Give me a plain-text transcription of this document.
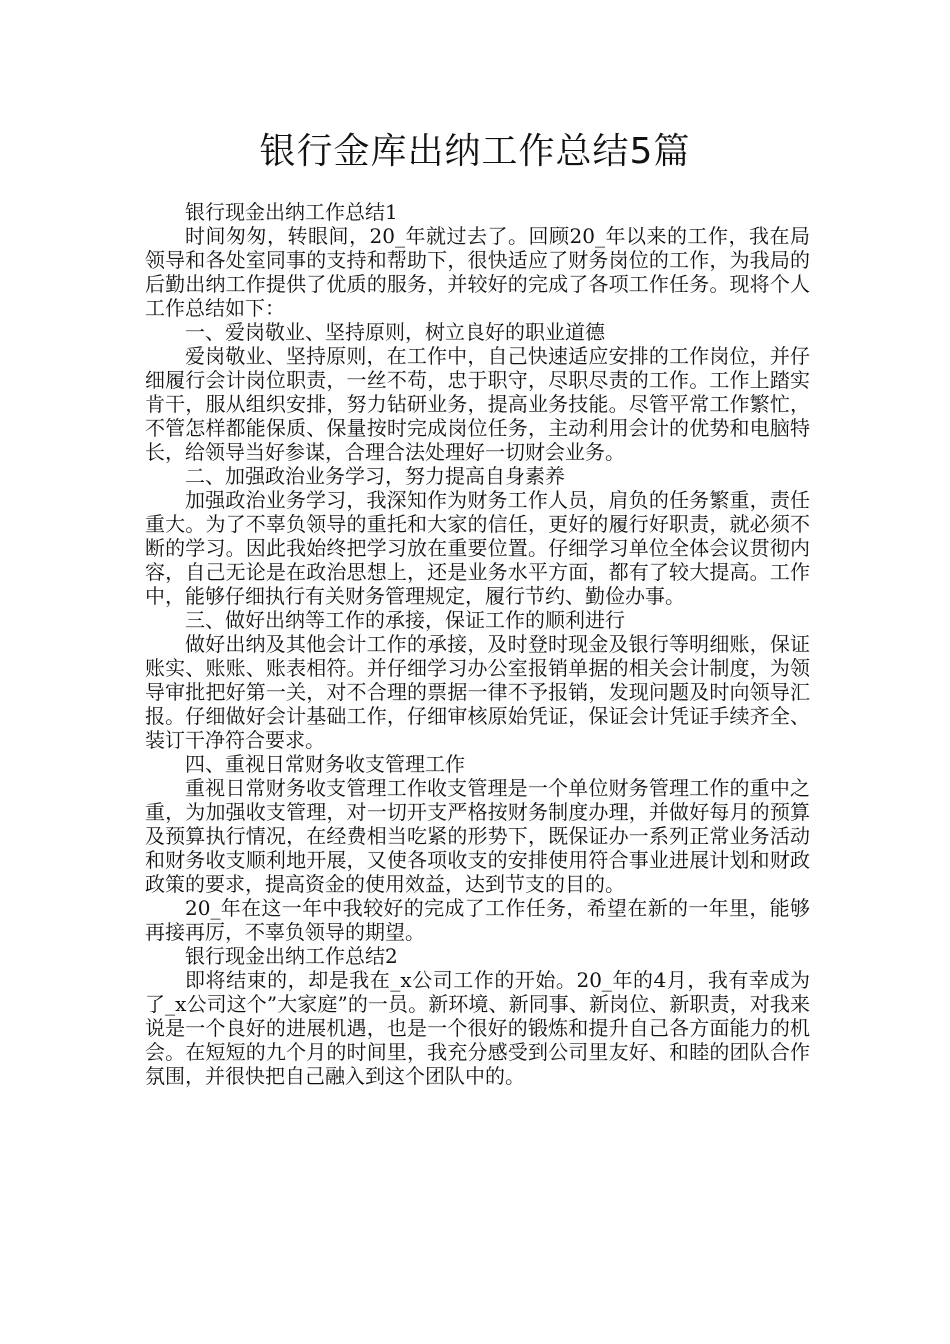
银行金库出纳工作总结5篇

银行现金出纳工作总结1

时间匆匆，转眼间，20_年就过去了。回顾20_年以来的工作，我在局领导和各处室同事的支持和帮助下，很快适应了财务岗位的工作，为我局的后勤出纳工作提供了优质的服务，并较好的完成了各项工作任务。现将个人工作总结如下：

一、爱岗敬业、坚持原则，树立良好的职业道德

爱岗敬业、坚持原则，在工作中，自己快速适应安排的工作岗位，并仔细履行会计岗位职责，一丝不苟，忠于职守，尽职尽责的工作。工作上踏实肯干，服从组织安排，努力钻研业务，提高业务技能。尽管平常工作繁忙，不管怎样都能保质、保量按时完成岗位任务，主动利用会计的优势和电脑特长，给领导当好参谋，合理合法处理好一切财会业务。

二、加强政治业务学习，努力提高自身素养

加强政治业务学习，我深知作为财务工作人员，肩负的任务繁重，责任重大。为了不辜负领导的重托和大家的信任，更好的履行好职责，就必须不断的学习。因此我始终把学习放在重要位置。仔细学习单位全体会议贯彻内容，自己无论是在政治思想上，还是业务水平方面，都有了较大提高。工作中，能够仔细执行有关财务管理规定，履行节约、勤俭办事。

三、做好出纳等工作的承接，保证工作的顺利进行

做好出纳及其他会计工作的承接，及时登时现金及银行等明细账，保证账实、账账、账表相符。并仔细学习办公室报销单据的相关会计制度，为领导审批把好第一关，对不合理的票据一律不予报销，发现问题及时向领导汇报。仔细做好会计基础工作，仔细审核原始凭证，保证会计凭证手续齐全、装订干净符合要求。

四、重视日常财务收支管理工作

重视日常财务收支管理工作收支管理是一个单位财务管理工作的重中之重，为加强收支管理，对一切开支严格按财务制度办理，并做好每月的预算及预算执行情况，在经费相当吃紧的形势下，既保证办一系列正常业务活动和财务收支顺利地开展，又使各项收支的安排使用符合事业进展计划和财政政策的要求，提高资金的使用效益，达到节支的目的。

20_年在这一年中我较好的完成了工作任务，希望在新的一年里，能够再接再厉，不辜负领导的期望。

银行现金出纳工作总结2

即将结束的，却是我在_x公司工作的开始。20_年的4月，我有幸成为了_x公司这个”大家庭”的一员。新环境、新同事、新岗位、新职责，对我来说是一个良好的进展机遇，也是一个很好的锻炼和提升自己各方面能力的机会。在短短的九个月的时间里，我充分感受到公司里友好、和睦的团队合作氛围，并很快把自己融入到这个团队中的。
